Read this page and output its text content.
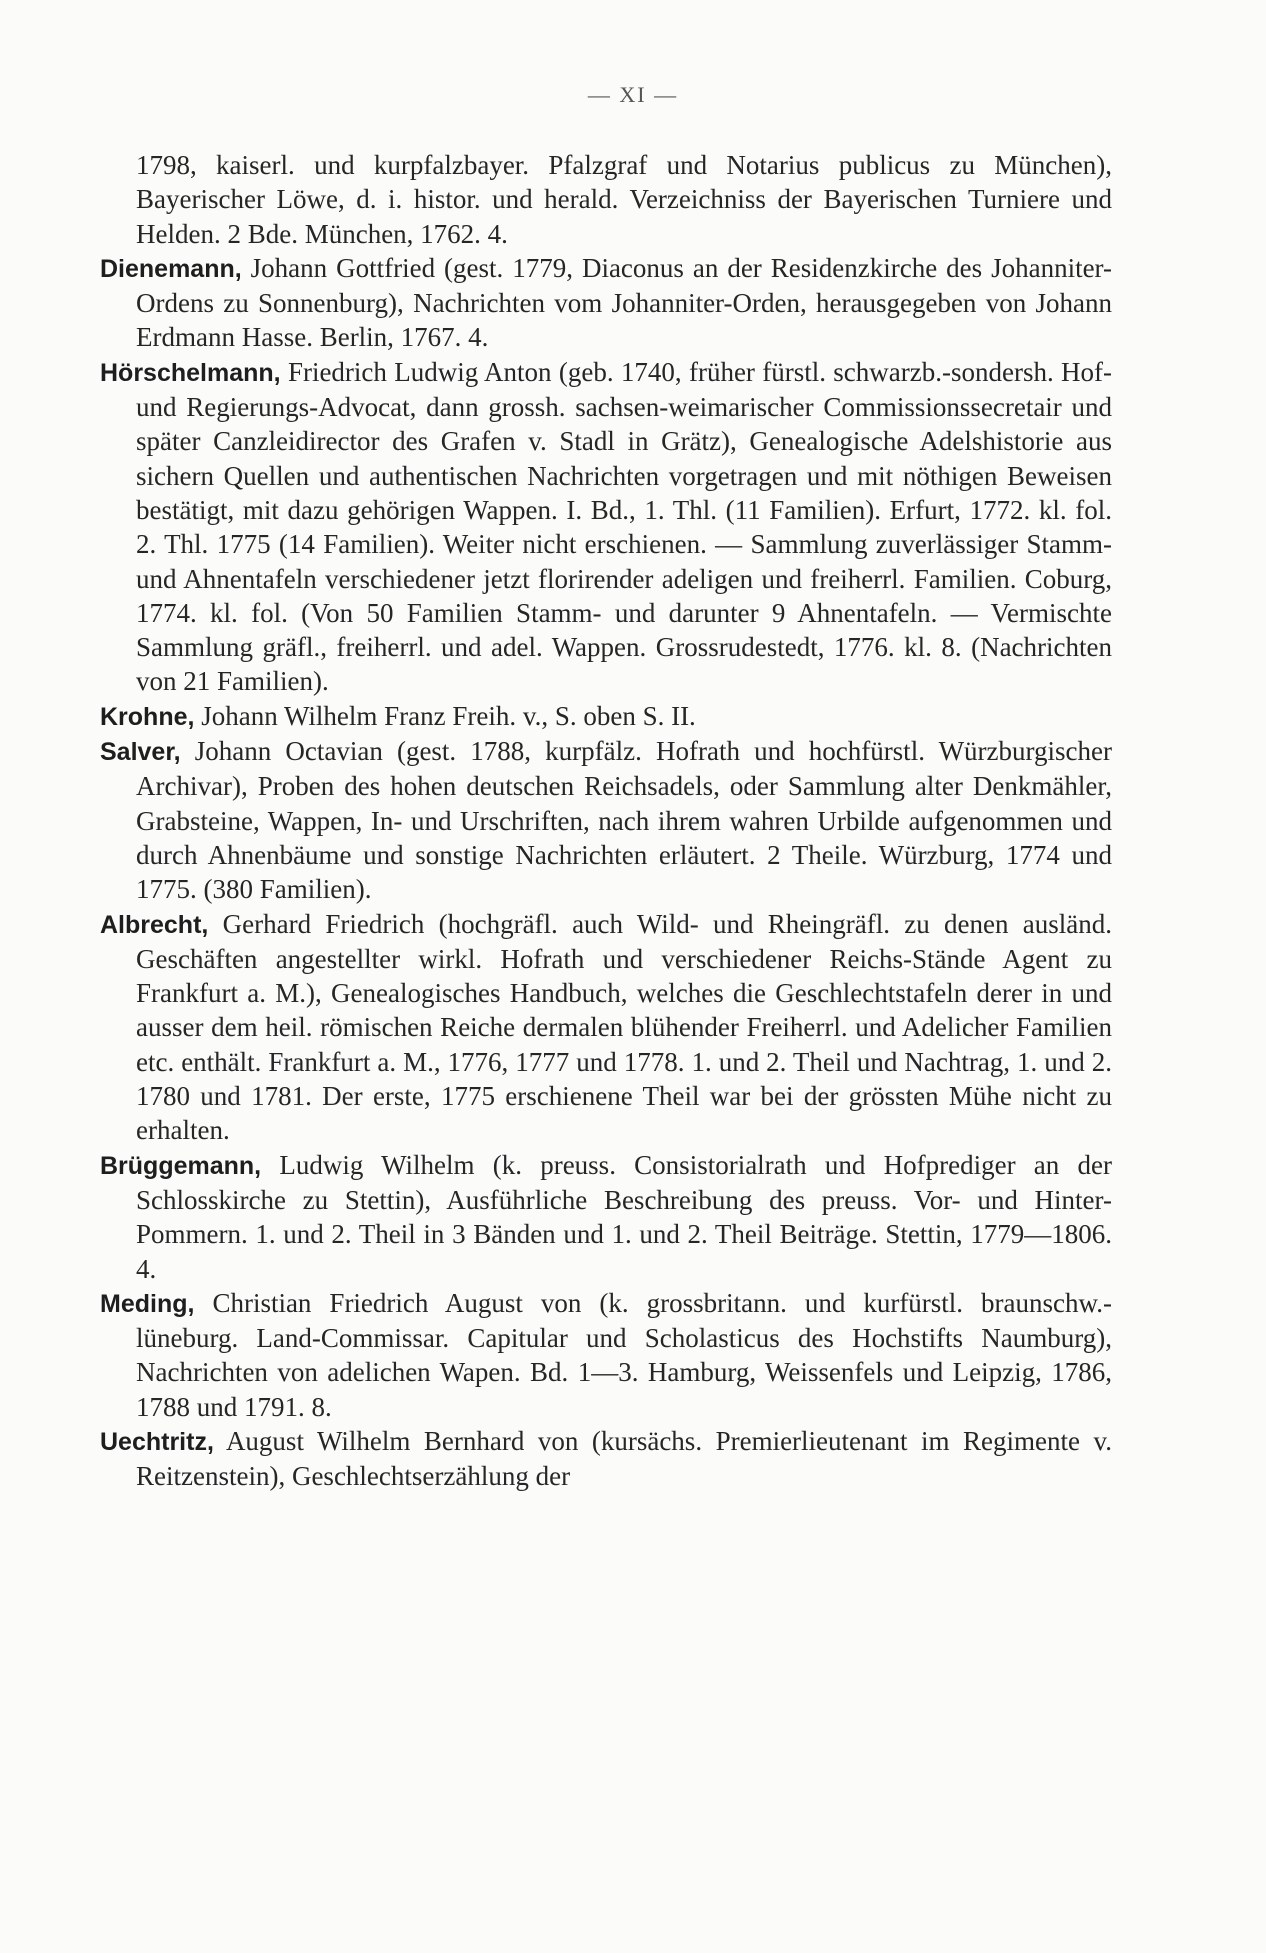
— XI —

1798, kaiserl. und kurpfalzbayer. Pfalzgraf und Notarius publicus zu München), Bayerischer Löwe, d. i. histor. und herald. Verzeichniss der Bayerischen Turniere und Helden. 2 Bde. München, 1762. 4.

Dienemann, Johann Gottfried (gest. 1779, Diaconus an der Residenzkirche des Johanniter-Ordens zu Sonnenburg), Nachrichten vom Johanniter-Orden, herausgegeben von Johann Erdmann Hasse. Berlin, 1767. 4.

Hörschelmann, Friedrich Ludwig Anton (geb. 1740, früher fürstl. schwarzb.-sondersh. Hof- und Regierungs-Advocat, dann grossh. sachsen-weimarischer Commissionssecretair und später Canzleidirector des Grafen v. Stadl in Grätz), Genealogische Adelshistorie aus sichern Quellen und authentischen Nachrichten vorgetragen und mit nöthigen Beweisen bestätigt, mit dazu gehörigen Wappen. I. Bd., 1. Thl. (11 Familien). Erfurt, 1772. kl. fol. 2. Thl. 1775 (14 Familien). Weiter nicht erschienen. — Sammlung zuverlässiger Stamm- und Ahnentafeln verschiedener jetzt florirender adeligen und freiherrl. Familien. Coburg, 1774. kl. fol. (Von 50 Familien Stamm- und darunter 9 Ahnentafeln. — Vermischte Sammlung gräfl., freiherrl. und adel. Wappen. Grossrudestedt, 1776. kl. 8. (Nachrichten von 21 Familien).

Krohne, Johann Wilhelm Franz Freih. v., S. oben S. II.

Salver, Johann Octavian (gest. 1788, kurpfälz. Hofrath und hochfürstl. Würzburgischer Archivar), Proben des hohen deutschen Reichsadels, oder Sammlung alter Denkmähler, Grabsteine, Wappen, In- und Urschriften, nach ihrem wahren Urbilde aufgenommen und durch Ahnenbäume und sonstige Nachrichten erläutert. 2 Theile. Würzburg, 1774 und 1775. (380 Familien).

Albrecht, Gerhard Friedrich (hochgräfl. auch Wild- und Rheingräfl. zu denen ausländ. Geschäften angestellter wirkl. Hofrath und verschiedener Reichs-Stände Agent zu Frankfurt a. M.), Genealogisches Handbuch, welches die Geschlechtstafeln derer in und ausser dem heil. römischen Reiche dermalen blühender Freiherrl. und Adelicher Familien etc. enthält. Frankfurt a. M., 1776, 1777 und 1778. 1. und 2. Theil und Nachtrag, 1. und 2. 1780 und 1781. Der erste, 1775 erschienene Theil war bei der grössten Mühe nicht zu erhalten.

Brüggemann, Ludwig Wilhelm (k. preuss. Consistorialrath und Hofprediger an der Schlosskirche zu Stettin), Ausführliche Beschreibung des preuss. Vor- und Hinter-Pommern. 1. und 2. Theil in 3 Bänden und 1. und 2. Theil Beiträge. Stettin, 1779—1806. 4.

Meding, Christian Friedrich August von (k. grossbritann. und kurfürstl. braunschw.-lüneburg. Land-Commissar. Capitular und Scholasticus des Hochstifts Naumburg), Nachrichten von adelichen Wapen. Bd. 1—3. Hamburg, Weissenfels und Leipzig, 1786, 1788 und 1791. 8.

Uechtritz, August Wilhelm Bernhard von (kursächs. Premierlieutenant im Regimente v. Reitzenstein), Geschlechtserzählung der
